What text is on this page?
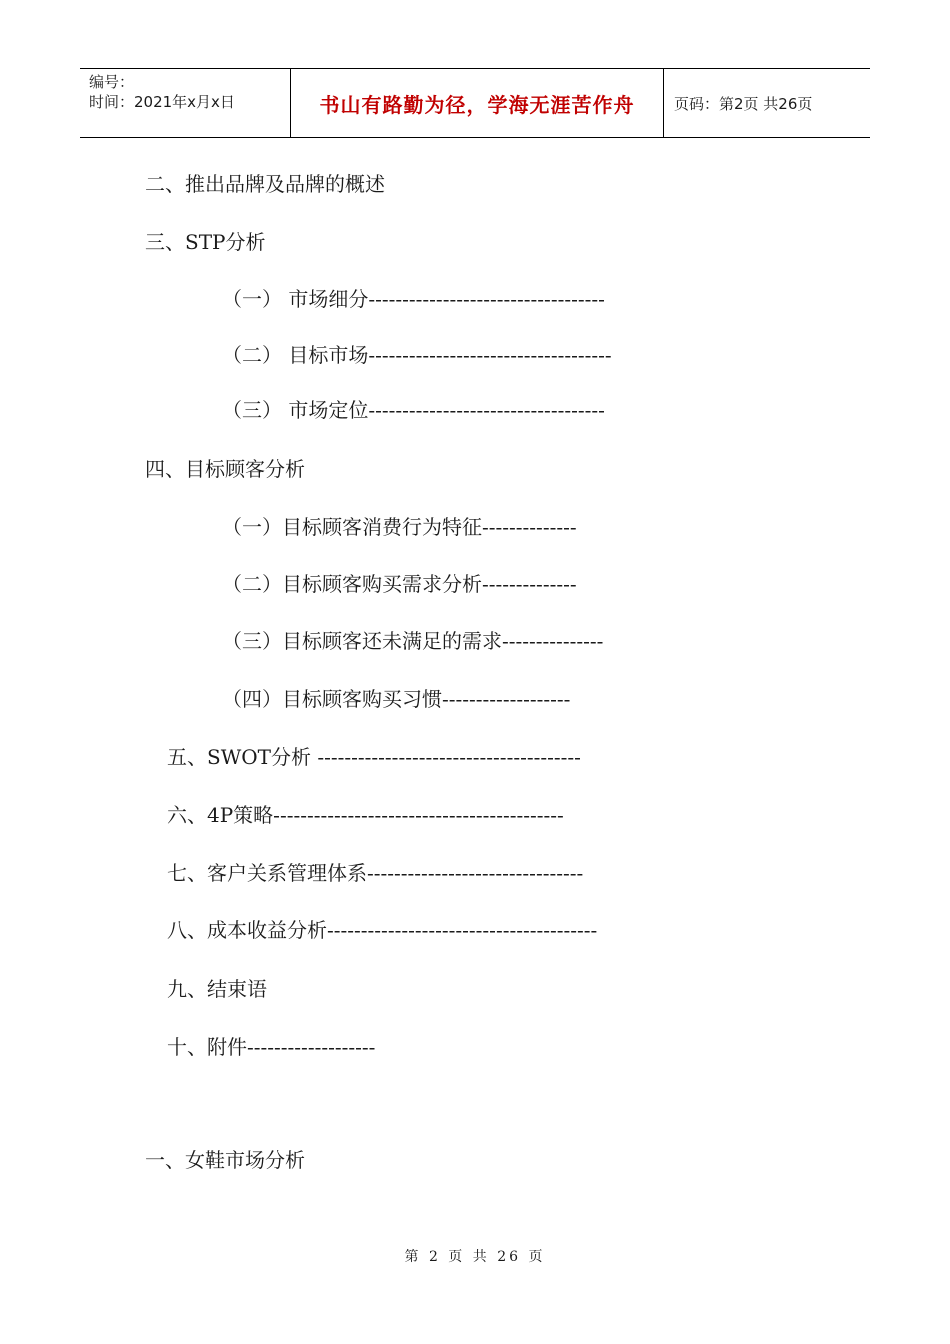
编号：
时间：2021年x月x日	书山有路勤为径，学海无涯苦作舟	页码：第2页 共26页
二、推出品牌及品牌的概述
三、STP分析
（一） 市场细分-----------------------------------
（二） 目标市场------------------------------------
（三） 市场定位-----------------------------------
四、目标顾客分析
（一）目标顾客消费行为特征--------------
（二）目标顾客购买需求分析--------------
（三）目标顾客还未满足的需求---------------
（四）目标顾客购买习惯-------------------
五、SWOT分析 ---------------------------------------
六、4P策略-------------------------------------------
七、客户关系管理体系--------------------------------
八、成本收益分析----------------------------------------
九、结束语
十、附件-------------------
一、女鞋市场分析
第 2 页 共 26 页
